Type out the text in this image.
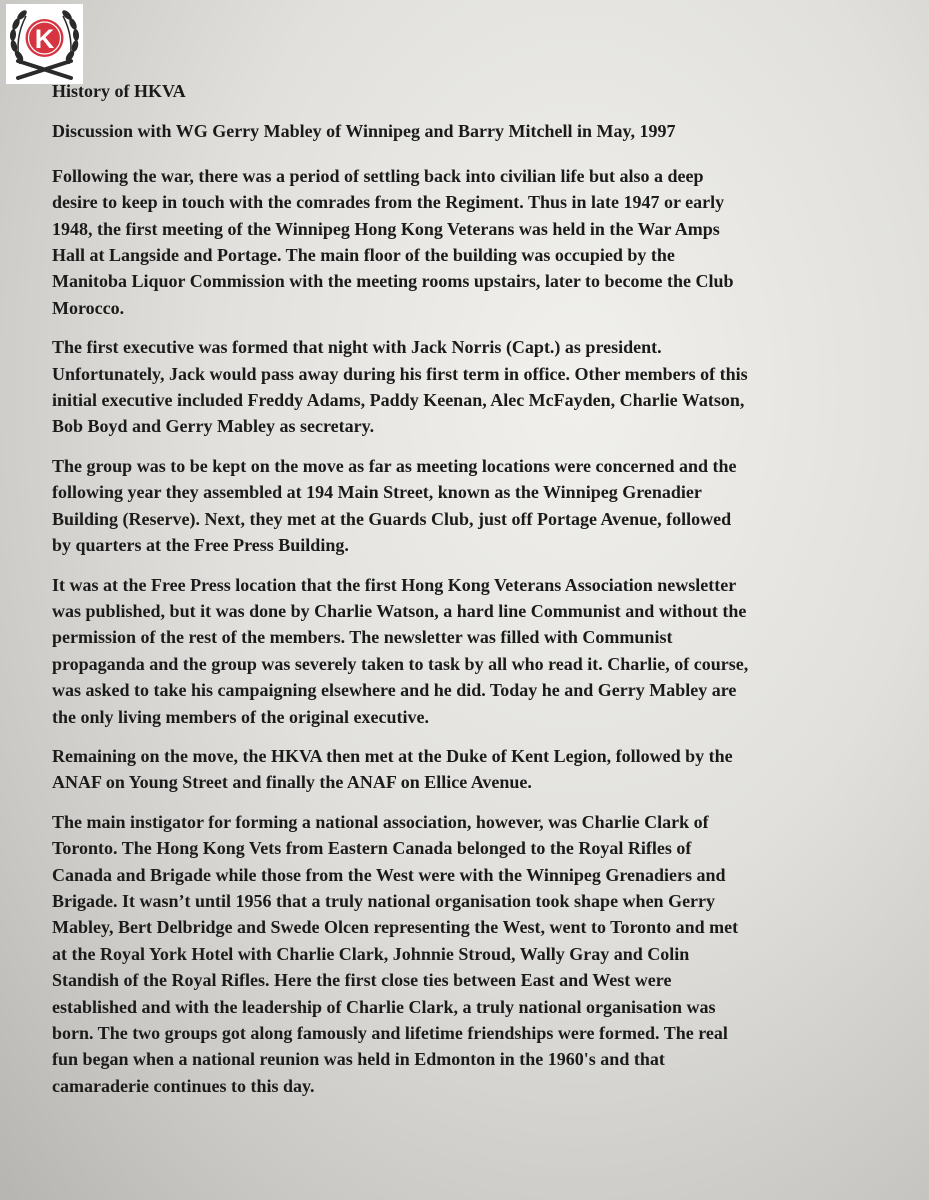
K
History of HKVA
Discussion with WG Gerry Mabley of Winnipeg and Barry Mitchell in May, 1997

Following the war, there was a period of settling back into civilian life but also a deep
desire to keep in touch with the comrades from the Regiment. Thus in late 1947 or early
1948, the first meeting of the Winnipeg Hong Kong Veterans was held in the War Amps
Hall at Langside and Portage. The main floor of the building was occupied by the
Manitoba Liquor Commission with the meeting rooms upstairs, later to become the Club
Morocco.

The first executive was formed that night with Jack Norris (Capt.) as president.
Unfortunately, Jack would pass away during his first term in office. Other members of this
initial executive included Freddy Adams, Paddy Keenan, Alec McFayden, Charlie Watson,
Bob Boyd and Gerry Mabley as secretary.

The group was to be kept on the move as far as meeting locations were concerned and the
following year they assembled at 194 Main Street, known as the Winnipeg Grenadier
Building (Reserve). Next, they met at the Guards Club, just off Portage Avenue, followed
by quarters at the Free Press Building.

It was at the Free Press location that the first Hong Kong Veterans Association newsletter
was published, but it was done by Charlie Watson, a hard line Communist and without the
permission of the rest of the members. The newsletter was filled with Communist
propaganda and the group was severely taken to task by all who read it. Charlie, of course,
was asked to take his campaigning elsewhere and he did. Today he and Gerry Mabley are
the only living members of the original executive.

Remaining on the move, the HKVA then met at the Duke of Kent Legion, followed by the
ANAF on Young Street and finally the ANAF on Ellice Avenue.

The main instigator for forming a national association, however, was Charlie Clark of
Toronto. The Hong Kong Vets from Eastern Canada belonged to the Royal Rifles of
Canada and Brigade while those from the West were with the Winnipeg Grenadiers and
Brigade. It wasn’t until 1956 that a truly national organisation took shape when Gerry
Mabley, Bert Delbridge and Swede Olcen representing the West, went to Toronto and met
at the Royal York Hotel with Charlie Clark, Johnnie Stroud, Wally Gray and Colin
Standish of the Royal Rifles. Here the first close ties between East and West were
established and with the leadership of Charlie Clark, a truly national organisation was
born. The two groups got along famously and lifetime friendships were formed. The real
fun began when a national reunion was held in Edmonton in the 1960's and that
camaraderie continues to this day.
